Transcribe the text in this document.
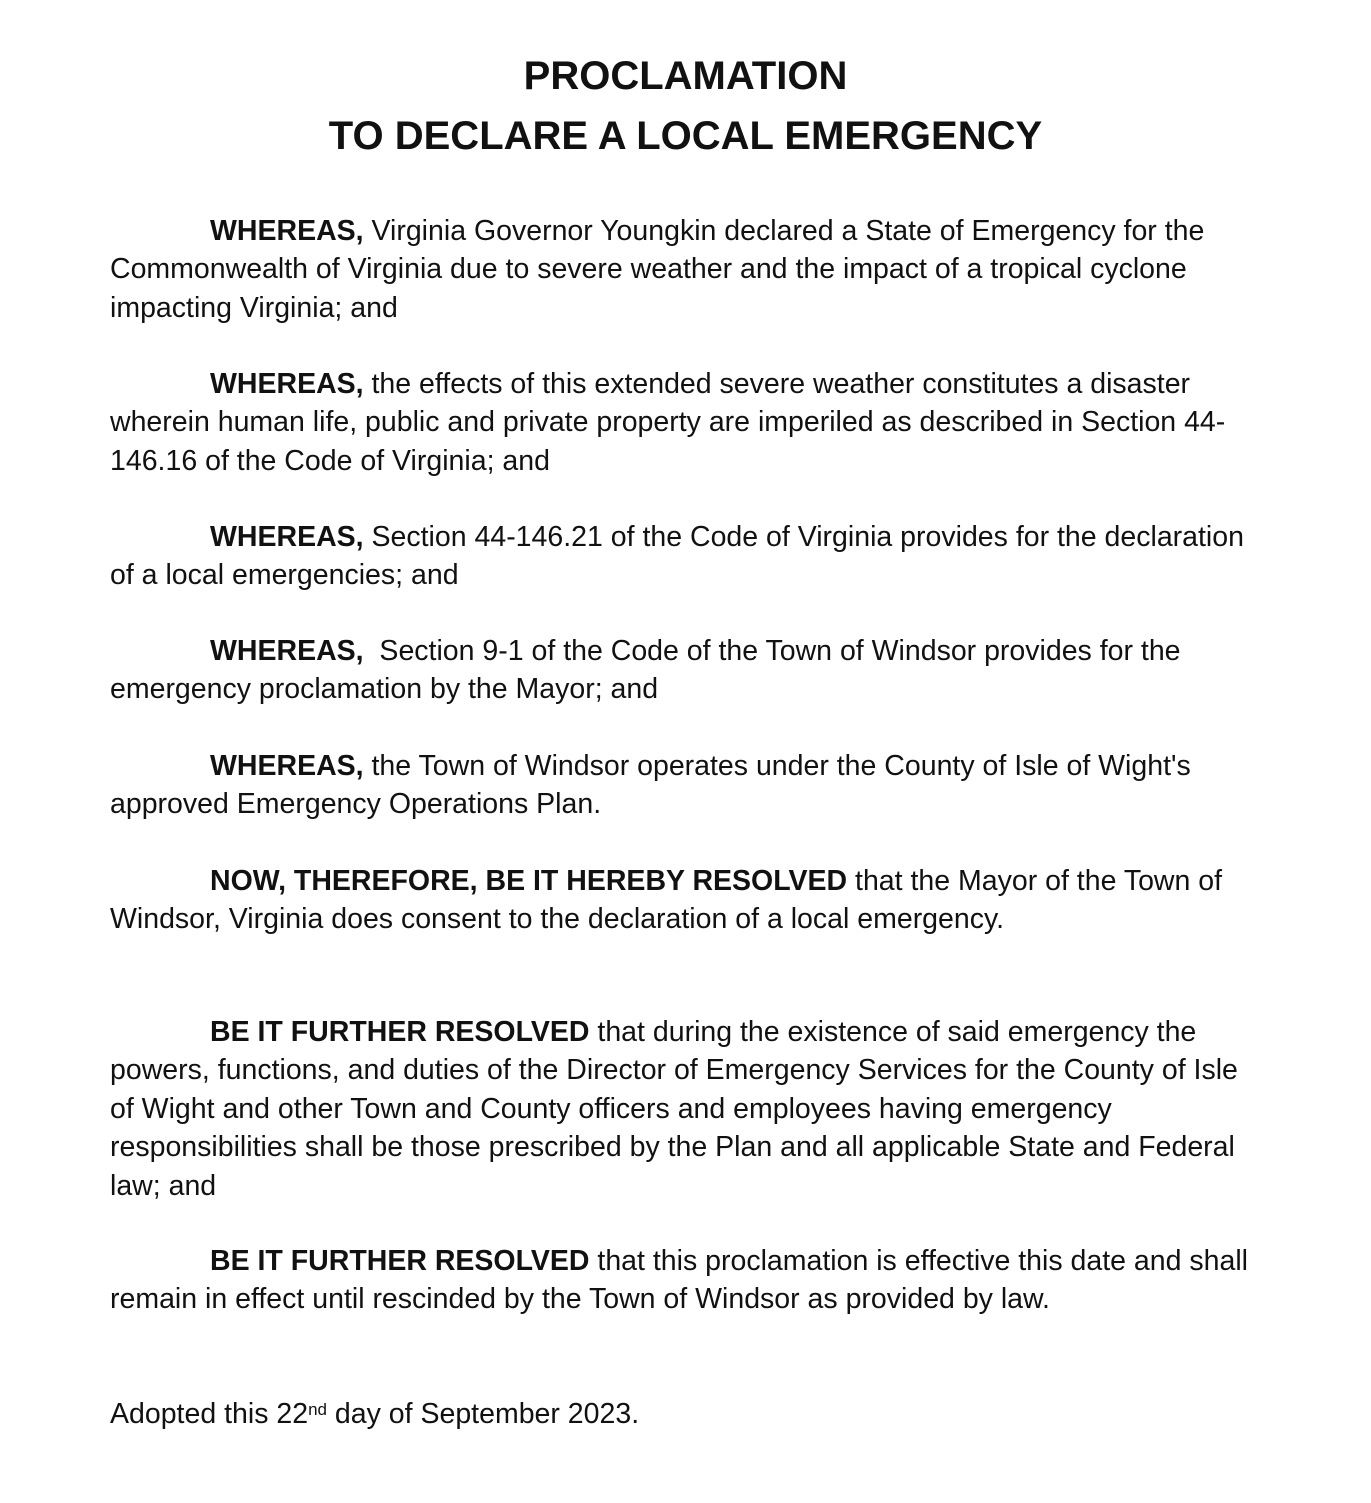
PROCLAMATION
TO DECLARE A LOCAL EMERGENCY

WHEREAS, Virginia Governor Youngkin declared a State of Emergency for the Commonwealth of Virginia due to severe weather and the impact of a tropical cyclone impacting Virginia; and

WHEREAS, the effects of this extended severe weather constitutes a disaster wherein human life, public and private property are imperiled as described in Section 44-146.16 of the Code of Virginia; and

WHEREAS, Section 44-146.21 of the Code of Virginia provides for the declaration of a local emergencies; and

WHEREAS,  Section 9-1 of the Code of the Town of Windsor provides for the emergency proclamation by the Mayor; and

WHEREAS, the Town of Windsor operates under the County of Isle of Wight's approved Emergency Operations Plan.

NOW, THEREFORE, BE IT HEREBY RESOLVED that the Mayor of the Town of Windsor, Virginia does consent to the declaration of a local emergency.

BE IT FURTHER RESOLVED that during the existence of said emergency the powers, functions, and duties of the Director of Emergency Services for the County of Isle of Wight and other Town and County officers and employees having emergency responsibilities shall be those prescribed by the Plan and all applicable State and Federal law; and

BE IT FURTHER RESOLVED that this proclamation is effective this date and shall remain in effect until rescinded by the Town of Windsor as provided by law.

Adopted this 22nd day of September 2023.
